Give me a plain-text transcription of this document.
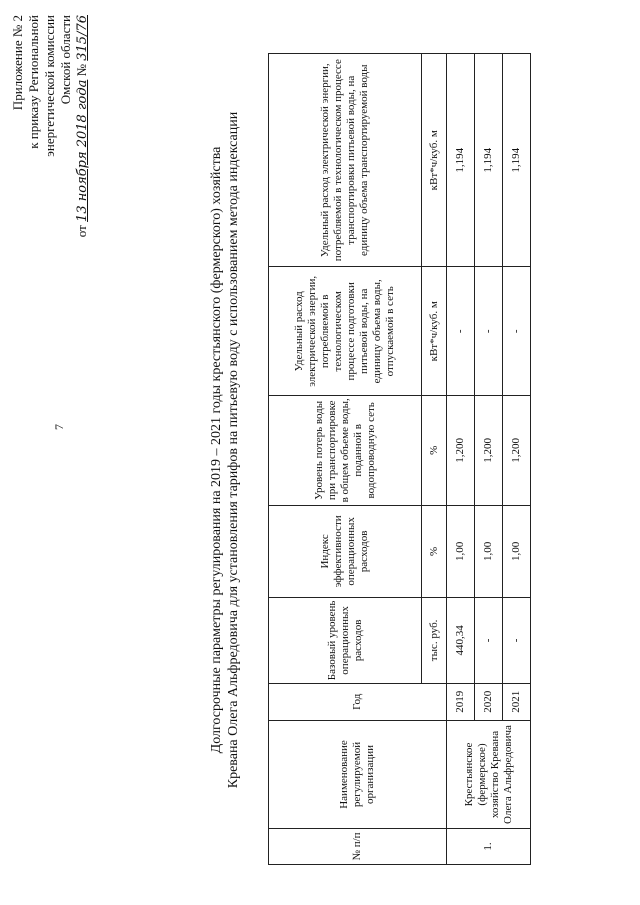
7
Приложение № 2 к приказу Региональной энергетической комиссии Омской области
от 13 ноября 2018 года № 315/76
Долгосрочные параметры регулирования на 2019 – 2021 годы крестьянского (фермерского) хозяйства Кревана Олега Альфредовича для установления тарифов на питьевую воду с использованием метода индексации
№ п/п	Наименование регулируемой организации	Год	Базовый уровень операционных расходов	Индекс эффективности операционных расходов	Уровень потерь воды при транспортировке в общем объеме воды, поданной в водопроводную сеть	Удельный расход электрической энергии, потребляемой в технологическом процессе подготовки питьевой воды, на единицу объема воды, отпускаемой в сеть	Удельный расход электрической энергии, потребляемой в технологическом процессе транспортировки питьевой воды, на единицу объема транспортируемой воды
			тыс. руб.	%	%	кВт*ч/куб. м	кВт*ч/куб. м
1.	Крестьянское (фермерское) хозяйство Кревана Олега Альфредовича	2019	440,34	1,00	1,200	-	1,194
		2020	-	1,00	1,200	-	1,194
		2021	-	1,00	1,200	-	1,194
